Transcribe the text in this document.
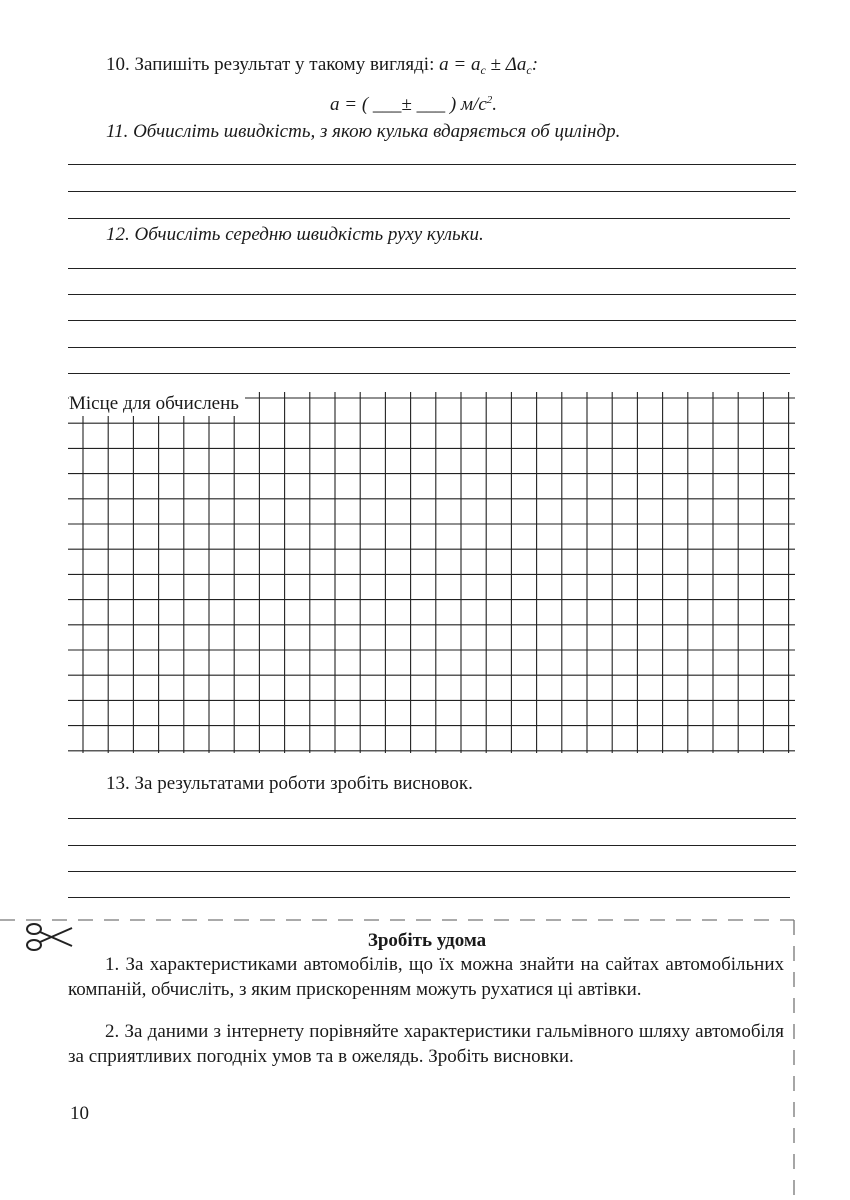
10. Запишіть результат у такому вигляді: $a = a_c \pm \Delta a_c$:
a = ( ___± ___ ) $м/с^2$.
11. Обчисліть швидкість, з якою кулька вдаряється об циліндр.
12. Обчисліть середню швидкість руху кульки.
Місце для обчислень
13. За результатами роботи зробіть висновок.
Зробіть удома
1. За характеристиками автомобілів, що їх можна знайти на сайтах автомобільних компаній, обчисліть, з яким прискоренням можуть рухатися ці автівки.
2. За даними з інтернету порівняйте характеристики гальмівного шляху автомобіля за сприятливих погодніх умов та в ожелядь. Зробіть висновки.
10
